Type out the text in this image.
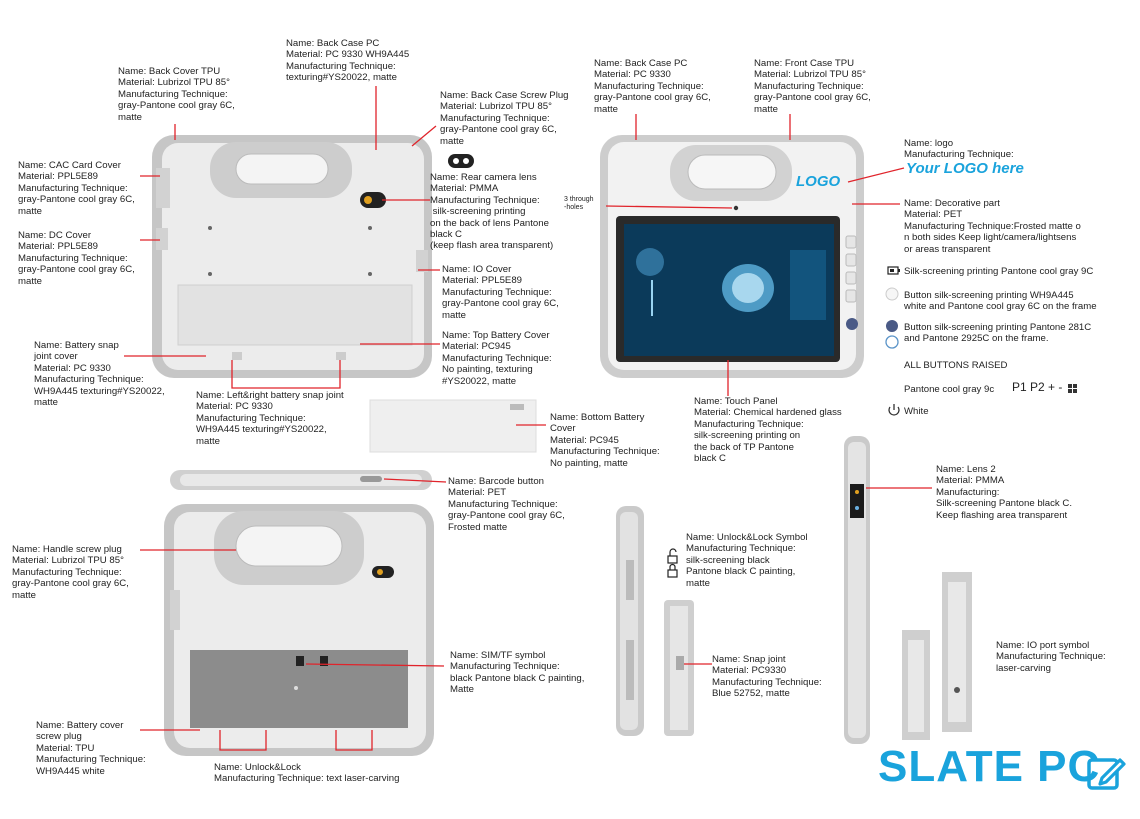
Name: Back Case PC
Material: PC 9330 WH9A445
Manufacturing Technique:
texturing#YS20022, matte
Name: Back Cover TPU
Material: Lubrizol TPU 85°
Manufacturing Technique:
gray-Pantone cool gray 6C,
matte
Name: Back Case Screw Plug
Material: Lubrizol TPU 85°
Manufacturing Technique:
gray-Pantone cool gray 6C,
matte
Name: CAC Card Cover
Material: PPL5E89
Manufacturing Technique:
gray-Pantone cool gray 6C,
matte
Name: Rear camera lens
Material: PMMA
Manufacturing Technique:
silk-screening printing
on the back of lens Pantone
black C
(keep flash area transparent)
Name: DC Cover
Material: PPL5E89
Manufacturing Technique:
gray-Pantone cool gray 6C,
matte
Name: IO Cover
Material: PPL5E89
Manufacturing Technique:
gray-Pantone cool gray 6C,
matte
Name: Top Battery Cover
Material: PC945
Manufacturing Technique:
No painting, texturing
#YS20022, matte
Name: Battery snap
joint cover
Material: PC 9330
Manufacturing Technique:
WH9A445 texturing#YS20022,
matte
Name: Left&right battery snap joint
Material: PC 9330
Manufacturing Technique:
WH9A445 texturing#YS20022,
matte
Name: Bottom Battery
Cover
Material: PC945
Manufacturing Technique:
No painting, matte
Name: Back Case PC
Material: PC 9330
Manufacturing Technique:
gray-Pantone cool gray 6C,
matte
Name: Front Case TPU
Material: Lubrizol TPU 85°
Manufacturing Technique:
gray-Pantone cool gray 6C,
matte
Name: logo
Manufacturing Technique:
Your LOGO here
LOGO
3 through
-holes	Name: Decorative part
Material: PET
Manufacturing Technique:Frosted matte o
n both sides Keep light/camera/lightsens
or areas transparent
Name: Touch Panel
Material: Chemical hardened glass
Manufacturing Technique:
silk-screening printing on
the back of TP Pantone
black C
Silk-screening printing Pantone cool gray 9C
Button silk-screening printing WH9A445
white and Pantone cool gray 6C on the frame
Button silk-screening printing Pantone 281C
and Pantone 2925C on the frame.
ALL BUTTONS RAISED
Pantone cool gray 9c P1 P2 + -
White
Name: Barcode button
Material: PET
Manufacturing Technique:
gray-Pantone cool gray 6C,
Frosted matte
Name: Handle screw plug
Material: Lubrizol TPU 85°
Manufacturing Technique:
gray-Pantone cool gray 6C,
matte
Name: SIM/TF symbol
Manufacturing Technique:
black Pantone black C painting,
Matte
Name: Battery cover
screw plug
Material: TPU
Manufacturing Technique:
WH9A445 white	Name: Unlock&Lock
Manufacturing Technique: text laser-carving
Name: Unlock&Lock Symbol
Manufacturing Technique:
silk-screening black
Pantone black C painting,
matte
Name: Snap joint
Material: PC9330
Manufacturing Technique:
Blue 52752, matte
Name: Lens 2
Material: PMMA
Manufacturing:
Silk-screening Pantone black C.
Keep flashing area transparent
Name: IO port symbol
Manufacturing Technique:
laser-carving
SLATE PC
